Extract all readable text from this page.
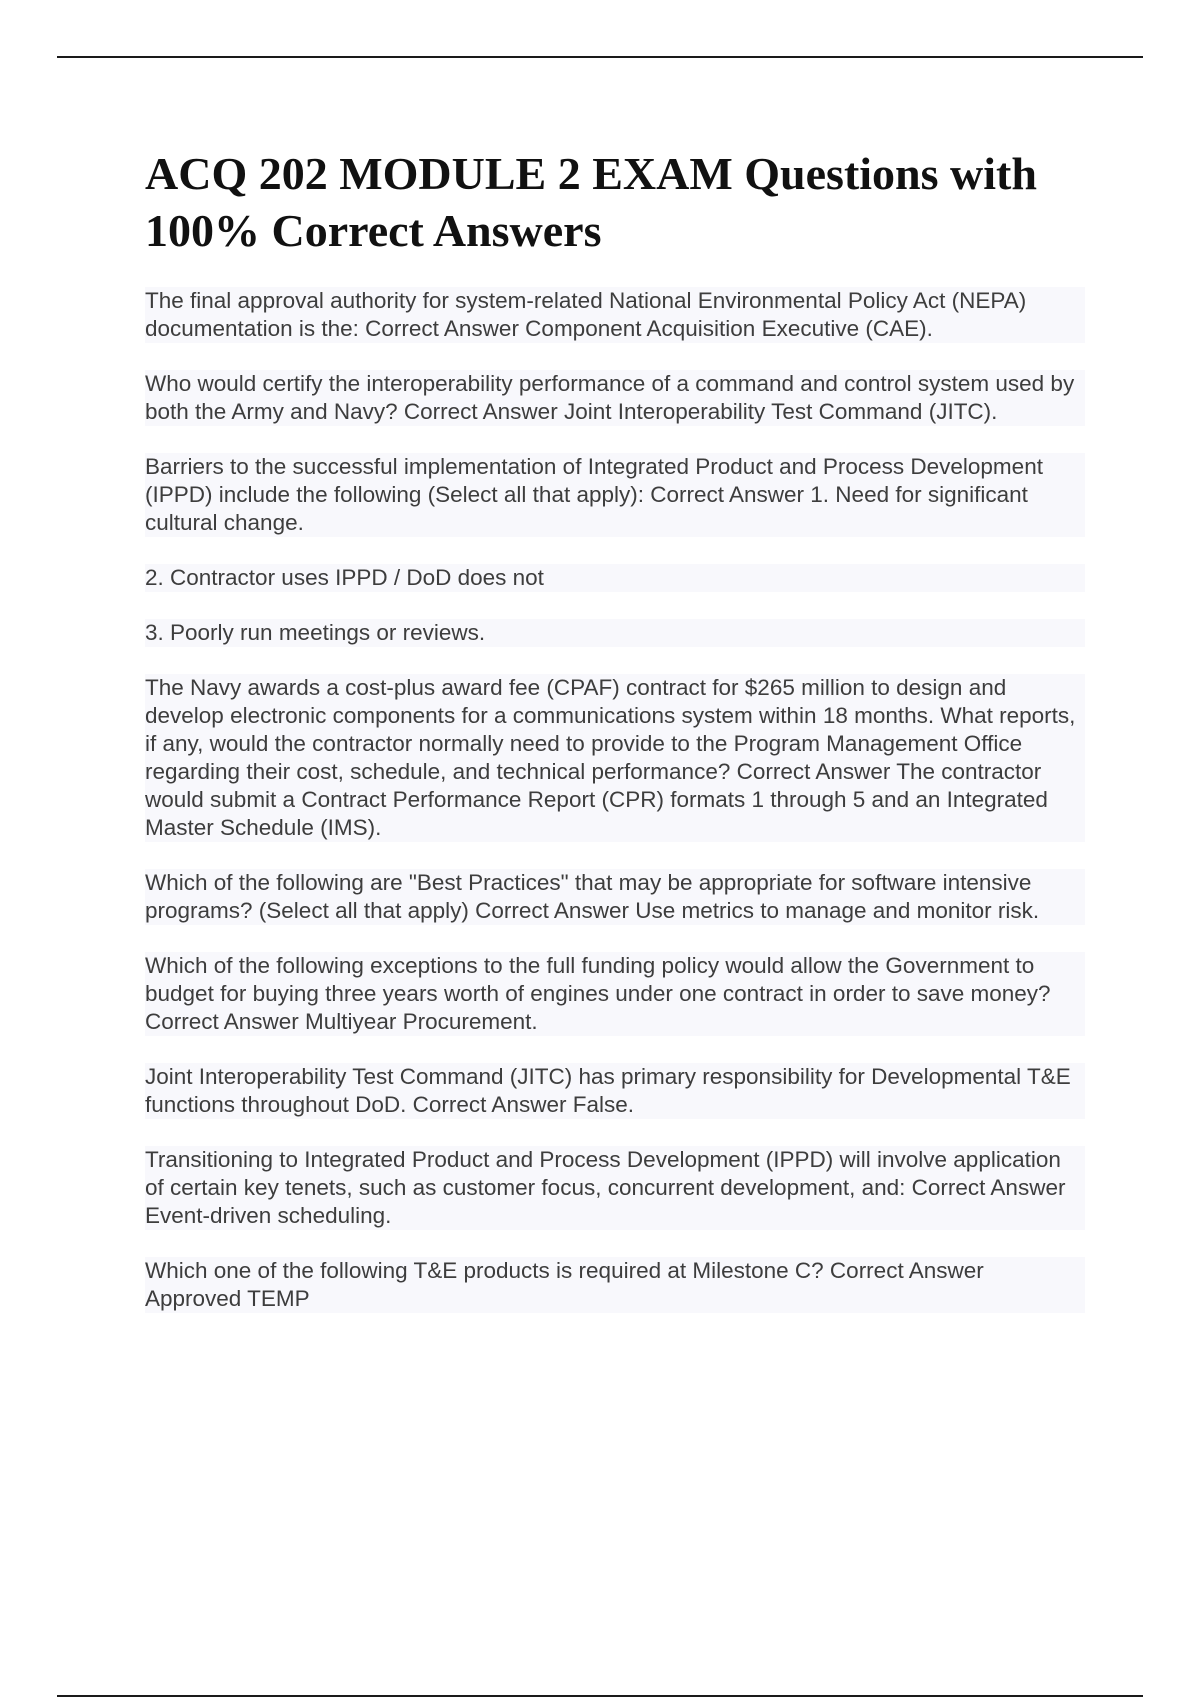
ACQ 202 MODULE 2 EXAM Questions with 100% Correct Answers

The final approval authority for system-related National Environmental Policy Act (NEPA) documentation is the: Correct Answer Component Acquisition Executive (CAE).

Who would certify the interoperability performance of a command and control system used by both the Army and Navy? Correct Answer Joint Interoperability Test Command (JITC).

Barriers to the successful implementation of Integrated Product and Process Development (IPPD) include the following (Select all that apply): Correct Answer 1. Need for significant cultural change.

2. Contractor uses IPPD / DoD does not

3. Poorly run meetings or reviews.

The Navy awards a cost-plus award fee (CPAF) contract for $265 million to design and develop electronic components for a communications system within 18 months. What reports, if any, would the contractor normally need to provide to the Program Management Office regarding their cost, schedule, and technical performance? Correct Answer The contractor would submit a Contract Performance Report (CPR) formats 1 through 5 and an Integrated Master Schedule (IMS).

Which of the following are "Best Practices" that may be appropriate for software intensive programs? (Select all that apply) Correct Answer Use metrics to manage and monitor risk.

Which of the following exceptions to the full funding policy would allow the Government to budget for buying three years worth of engines under one contract in order to save money? Correct Answer Multiyear Procurement.

Joint Interoperability Test Command (JITC) has primary responsibility for Developmental T&E functions throughout DoD. Correct Answer False.

Transitioning to Integrated Product and Process Development (IPPD) will involve application of certain key tenets, such as customer focus, concurrent development, and: Correct Answer Event-driven scheduling.

Which one of the following T&E products is required at Milestone C? Correct Answer Approved TEMP
